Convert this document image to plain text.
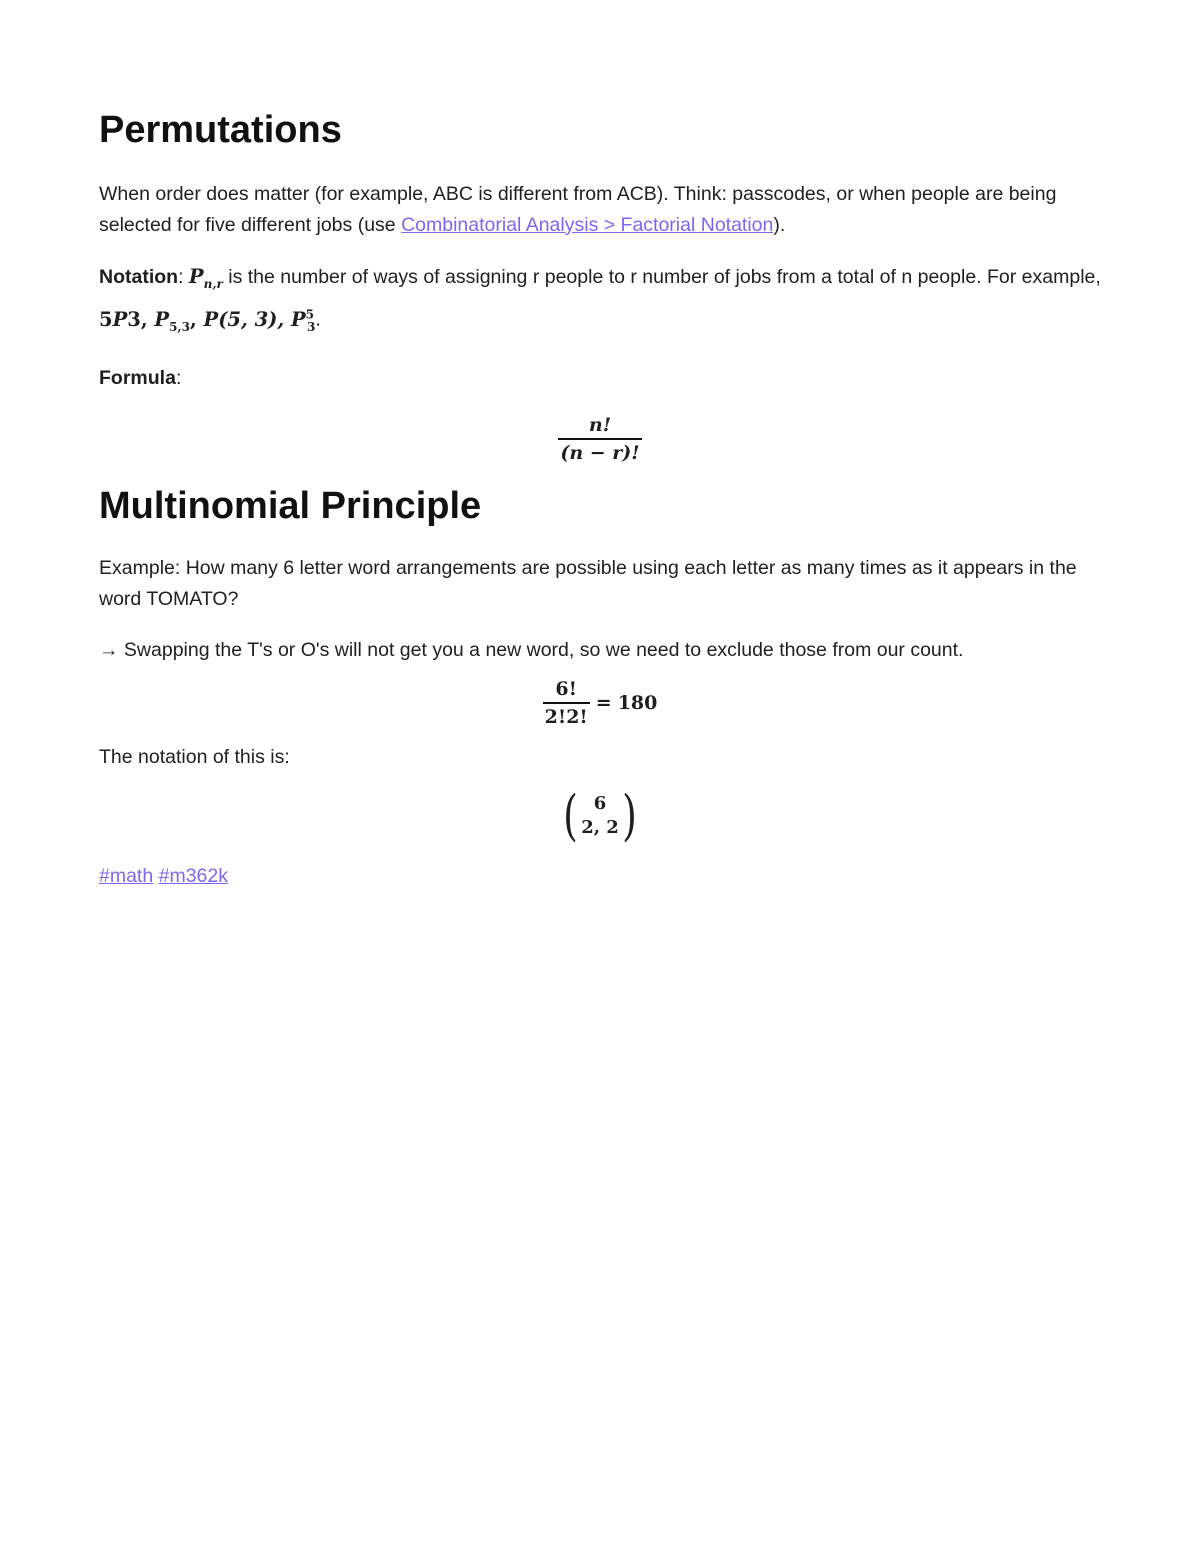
Permutations

When order does matter (for example, ABC is different from ACB). Think: passcodes, or when people are being selected for five different jobs (use Combinatorial Analysis > Factorial Notation).

Notation: $P_{n,r}$ is the number of ways of assigning r people to r number of jobs from a total of n people. For example, 5P3, $P_{5,3}$, P(5, 3), $P^5_3$.

Formula:

$\frac{n!}{(n - r)!}$
Multinomial Principle

Example: How many 6 letter word arrangements are possible using each letter as many times as it appears in the word TOMATO?

→ Swapping the T's or O's will not get you a new word, so we need to exclude those from our count.

$\frac{6!}{2!2!} = 180$

The notation of this is:

( 6
2, 2 )

#math #m362k
